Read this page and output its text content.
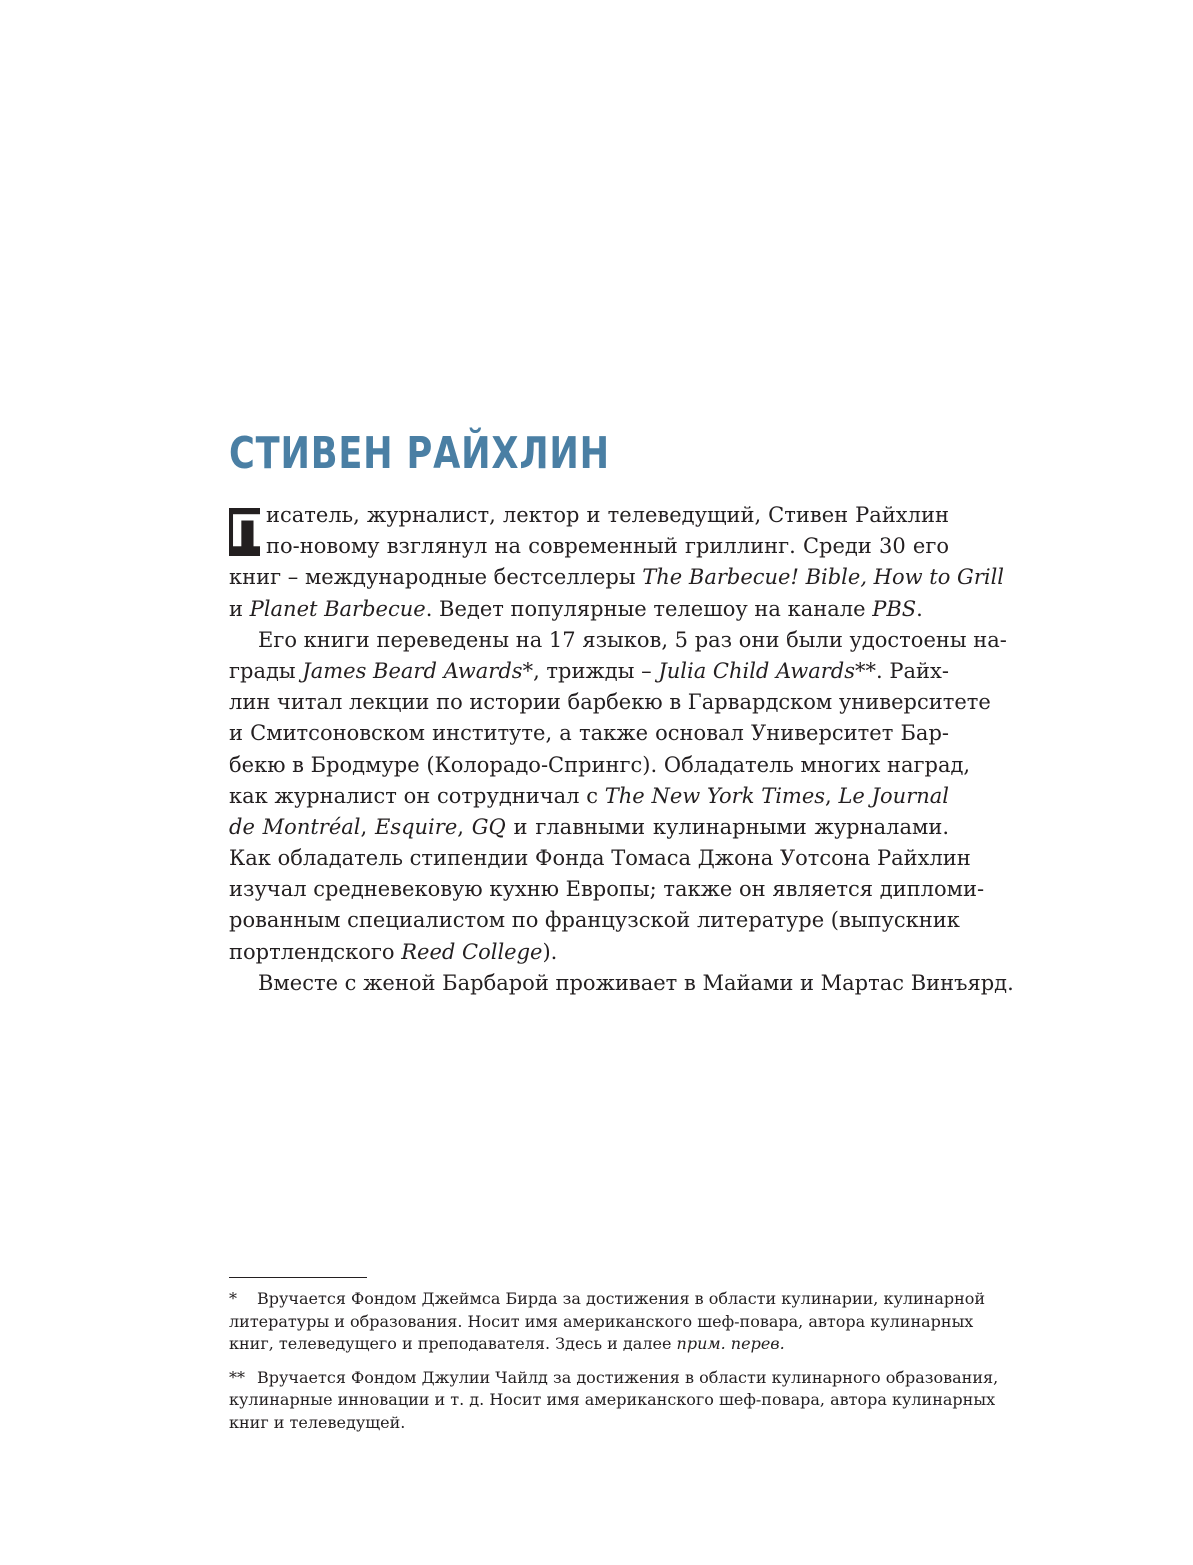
СТИВЕН РАЙХЛИН
П исатель, журналист, лектор и телеведущий, Стивен Райхлин
по-новому взглянул на современный гриллинг. Среди 30 его
книг – международные бестселлеры The Barbecue! Bible, How to Grill
и Planet Barbecue. Ведет популярные телешоу на канале PBS.
Его книги переведены на 17 языков, 5 раз они были удостоены на-
грады James Beard Awards*, трижды – Julia Child Awards**. Райх-
лин читал лекции по истории барбекю в Гарвардском университете
и Смитсоновском институте, а также основал Университет Бар-
бекю в Бродмуре (Колорадо-Спрингс). Обладатель многих наград,
как журналист он сотрудничал с The New York Times, Le Journal
de Montréal, Esquire, GQ и главными кулинарными журналами.
Как обладатель стипендии Фонда Томаса Джона Уотсона Райхлин
изучал средневековую кухню Европы; также он является дипломи-
рованным специалистом по французской литературе (выпускник
портлендского Reed College).
Вместе с женой Барбарой проживает в Майами и Мартас Винъярд.
* Вручается Фондом Джеймса Бирда за достижения в области кулинарии, кулинарной
литературы и образования. Носит имя американского шеф-повара, автора кулинарных
книг, телеведущего и преподавателя. Здесь и далее прим. перев.
** Вручается Фондом Джулии Чайлд за достижения в области кулинарного образования,
кулинарные инновации и т. д. Носит имя американского шеф-повара, автора кулинарных
книг и телеведущей.
